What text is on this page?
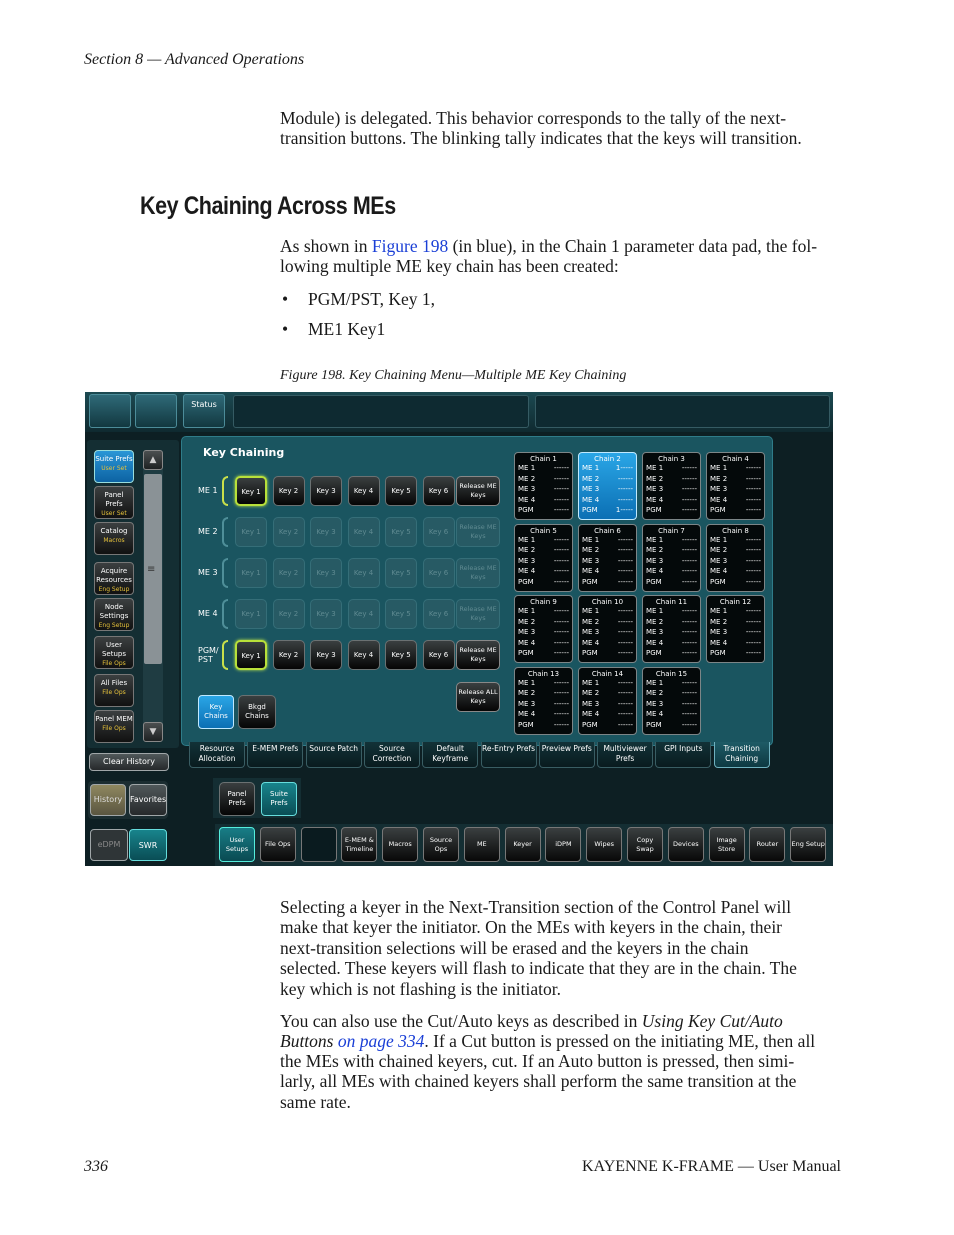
Section 8 — Advanced Operations
Module) is delegated. This behavior corresponds to the tally of the next-
transition buttons. The blinking tally indicates that the keys will transition.
Key Chaining Across MEs
As shown in Figure 198 (in blue), in the Chain 1 parameter data pad, the fol-
lowing multiple ME key chain has been created:
• PGM/PST, Key 1,
• ME1 Key1
Figure 198. Key Chaining Menu—Multiple ME Key Chaining
Status
Suite Prefs
User Set
Panel Prefs
User Set
Catalog
Macros
Acquire Resources
Eng Setup
Node Settings
Eng Setup
User Setups
File Ops
All Files
File Ops
Panel MEM
File Ops
▲
≡
▼
Clear History
History Favorites
eDPM	SWR
Key Chaining
ME 1	Key 1	Key 2	Key 3	Key 4	Key 5	Key 6
Release ME Keys
ME 2	Key 1	Key 2	Key 3	Key 4	Key 5	Key 6
Release ME Keys
ME 3	Key 1	Key 2	Key 3	Key 4	Key 5	Key 6
Release ME Keys
ME 4	Key 1	Key 2	Key 3	Key 4	Key 5	Key 6
Release ME Keys
PGM/ PST	Key 1	Key 2	Key 3	Key 4	Key 5	Key 6
Release ME Keys
Release ALL Keys
Key Chains
Bkgd Chains
Chain 1
ME 1	------
ME 2	------
ME 3	------
ME 4	------
PGM	------
Chain 2
ME 1 1-----
ME 2	------
ME 3	------
ME 4	------
PGM	1-----
Chain 3
ME 1	------
ME 2	------
ME 3	------
ME 4	------
PGM	------
Chain 4
ME 1	------
ME 2	------
ME 3	------
ME 4	------
PGM	------
Chain 5
ME 1	------
ME 2	------
ME 3	------
ME 4	------
PGM	------
Chain 6
ME 1	------
ME 2	------
ME 3	------
ME 4	------
PGM	------
Chain 7
ME 1	------
ME 2	------
ME 3	------
ME 4	------
PGM	------
Chain 8
ME 1	------
ME 2	------
ME 3	------
ME 4	------
PGM	------
Chain 9
ME 1	------
ME 2	------
ME 3	------
ME 4	------
PGM	------
Chain 10
ME 1	------
ME 2	------
ME 3	------
ME 4	------
PGM	------
Chain 11
ME 1	------
ME 2	------
ME 3	------
ME 4	------
PGM	------
Chain 12
ME 1	------
ME 2	------
ME 3	------
ME 4	------
PGM	------
Chain 13
ME 1	------
ME 2	------
ME 3	------
ME 4	------
PGM	------
Chain 14
ME 1	------
ME 2	------
ME 3	------
ME 4	------
PGM	------
Chain 15
ME 1	------
ME 2	------
ME 3	------
ME 4	------
PGM	------
Resource Allocation
E-MEM Prefs	Source Patch	Source Correction
Default Keyframe
Re-Entry Prefs Preview Prefs	Multiviewer Prefs
GPI Inputs	Transition Chaining
Panel Prefs
Suite Prefs
User Setups
File Ops
E-MEM & Timeline
Macros
Source Ops
ME	Keyer	iDPM	Wipes
Copy Swap
Devices
Image Store
Router	Eng Setup
Selecting a keyer in the Next-Transition section of the Control Panel will
make that keyer the initiator. On the MEs with keyers in the chain, their
next-transition selections will be erased and the keyers in the chain
selected. These keyers will flash to indicate that they are in the chain. The
key which is not flashing is the initiator.
You can also use the Cut/Auto keys as described in Using Key Cut/Auto
Buttons on page 334. If a Cut button is pressed on the initiating ME, then all
the MEs with chained keyers, cut. If an Auto button is pressed, then simi-
larly, all MEs with chained keyers shall perform the same transition at the
same rate.
336	KAYENNE K-FRAME — User Manual
